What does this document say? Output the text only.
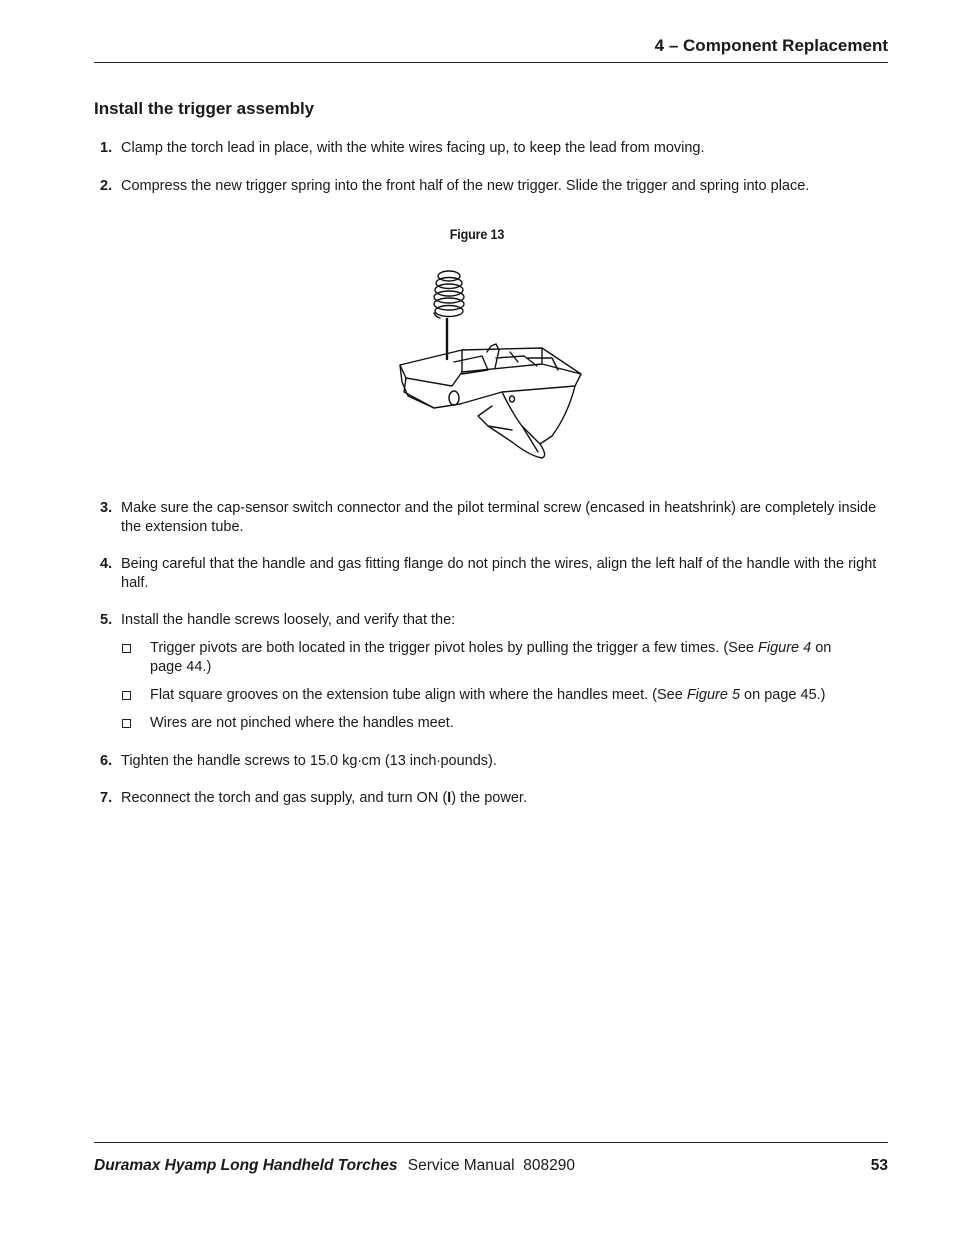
4 – Component Replacement
Install the trigger assembly
1. Clamp the torch lead in place, with the white wires facing up, to keep the lead from moving.
2. Compress the new trigger spring into the front half of the new trigger. Slide the trigger and spring into place.
Figure 13
3. Make sure the cap-sensor switch connector and the pilot terminal screw (encased in heatshrink) are completely inside the extension tube.
4. Being careful that the handle and gas fitting flange do not pinch the wires, align the left half of the handle with the right half.
5. Install the handle screws loosely, and verify that the:
Trigger pivots are both located in the trigger pivot holes by pulling the trigger a few times. (See Figure 4 on page 44.)
Flat square grooves on the extension tube align with where the handles meet. (See Figure 5 on page 45.)
Wires are not pinched where the handles meet.
6. Tighten the handle screws to 15.0 kg∙cm (13 inch∙pounds).
7. Reconnect the torch and gas supply, and turn ON (I) the power.
Duramax Hyamp Long Handheld Torches Service Manual  808290	53
